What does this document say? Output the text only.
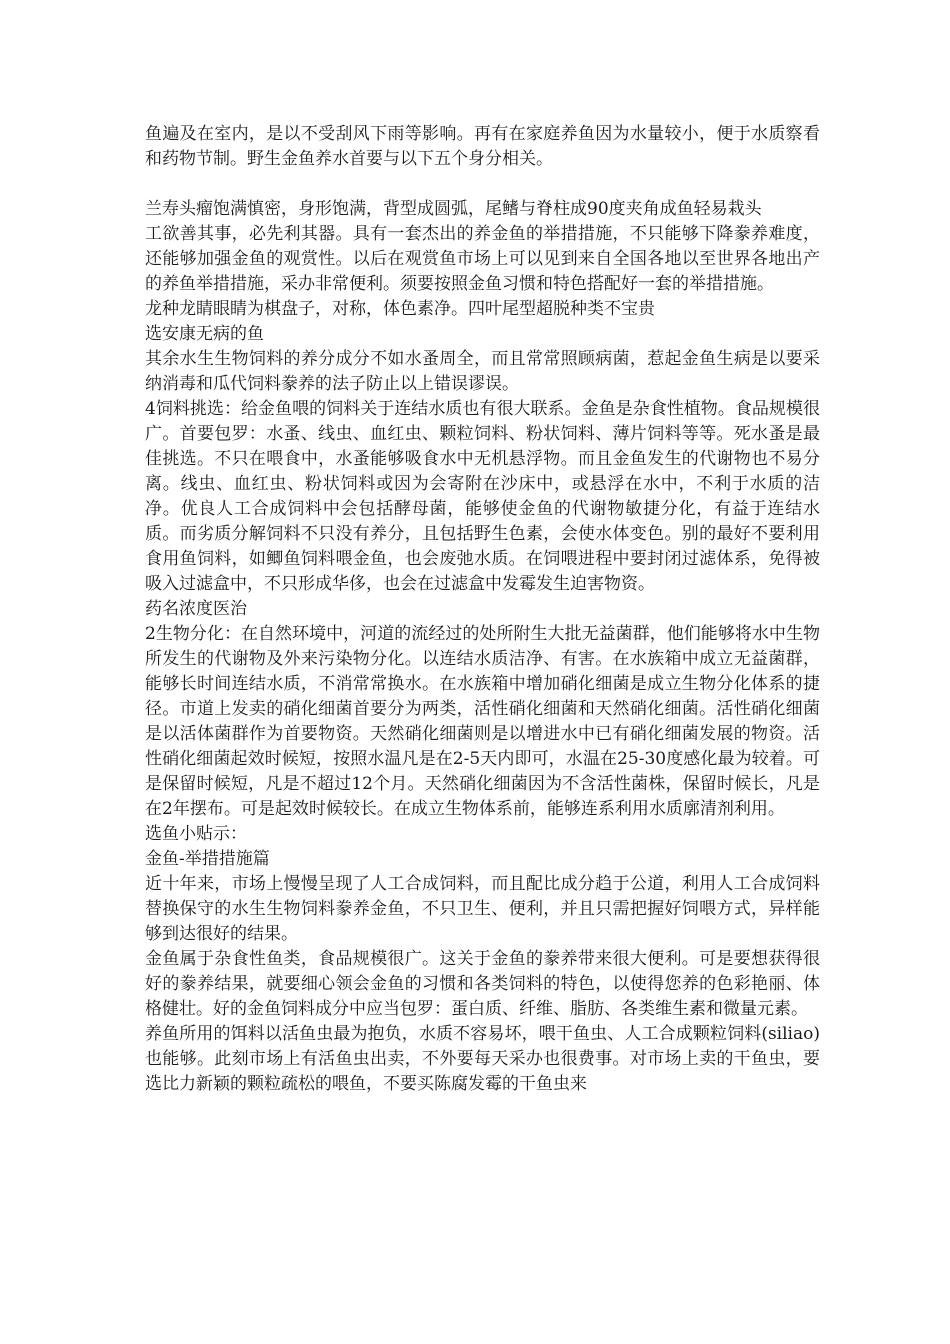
鱼遍及在室内，是以不受刮风下雨等影响。再有在家庭养鱼因为水量较小，便于水质察看和药物节制。野生金鱼养水首要与以下五个身分相关。

兰寿头瘤饱满慎密，身形饱满，背型成圆弧，尾鳍与脊柱成90度夹角成鱼轻易栽头

工欲善其事，必先利其器。具有一套杰出的养金鱼的举措措施，不只能够下降豢养难度，还能够加强金鱼的观赏性。以后在观赏鱼市场上可以见到来自全国各地以至世界各地出产的养鱼举措措施，采办非常便利。须要按照金鱼习惯和特色搭配好一套的举措措施。

龙种龙睛眼睛为棋盘子，对称，体色素净。四叶尾型超脱种类不宝贵

选安康无病的鱼

其余水生生物饲料的养分成分不如水蚤周全，而且常常照顾病菌，惹起金鱼生病是以要采纳消毒和瓜代饲料豢养的法子防止以上错误谬误。

4饲料挑选：给金鱼喂的饲料关于连结水质也有很大联系。金鱼是杂食性植物。食品规模很广。首要包罗：水蚤、线虫、血红虫、颗粒饲料、粉状饲料、薄片饲料等等。死水蚤是最佳挑选。不只在喂食中，水蚤能够吸食水中无机悬浮物。而且金鱼发生的代谢物也不易分离。线虫、血红虫、粉状饲料或因为会寄附在沙床中，或悬浮在水中，不利于水质的洁净。优良人工合成饲料中会包括酵母菌，能够使金鱼的代谢物敏捷分化，有益于连结水质。而劣质分解饲料不只没有养分，且包括野生色素，会使水体变色。别的最好不要利用食用鱼饲料，如鲫鱼饲料喂金鱼，也会废弛水质。在饲喂进程中要封闭过滤体系，免得被吸入过滤盒中，不只形成华侈，也会在过滤盒中发霉发生迫害物资。

药名浓度医治

2生物分化：在自然环境中，河道的流经过的处所附生大批无益菌群，他们能够将水中生物所发生的代谢物及外来污染物分化。以连结水质洁净、有害。在水族箱中成立无益菌群，能够长时间连结水质，不消常常换水。在水族箱中增加硝化细菌是成立生物分化体系的捷径。市道上发卖的硝化细菌首要分为两类，活性硝化细菌和天然硝化细菌。活性硝化细菌是以活体菌群作为首要物资。天然硝化细菌则是以增进水中已有硝化细菌发展的物资。活性硝化细菌起效时候短，按照水温凡是在2-5天内即可，水温在25-30度感化最为较着。可是保留时候短，凡是不超过12个月。天然硝化细菌因为不含活性菌株，保留时候长，凡是在2年摆布。可是起效时候较长。在成立生物体系前，能够连系利用水质廓清剂利用。

选鱼小贴示：

金鱼-举措措施篇

近十年来，市场上慢慢呈现了人工合成饲料，而且配比成分趋于公道，利用人工合成饲料替换保守的水生生物饲料豢养金鱼，不只卫生、便利，并且只需把握好饲喂方式，异样能够到达很好的结果。

金鱼属于杂食性鱼类，食品规模很广。这关于金鱼的豢养带来很大便利。可是要想获得很好的豢养结果，就要细心领会金鱼的习惯和各类饲料的特色，以使得您养的色彩艳丽、体格健壮。好的金鱼饲料成分中应当包罗：蛋白质、纤维、脂肪、各类维生素和微量元素。

养鱼所用的饵料以活鱼虫最为抱负，水质不容易坏，喂干鱼虫、人工合成颗粒饲料(siliao)也能够。此刻市场上有活鱼虫出卖，不外要每天采办也很费事。对市场上卖的干鱼虫，要选比力新颖的颗粒疏松的喂鱼，不要买陈腐发霉的干鱼虫来
